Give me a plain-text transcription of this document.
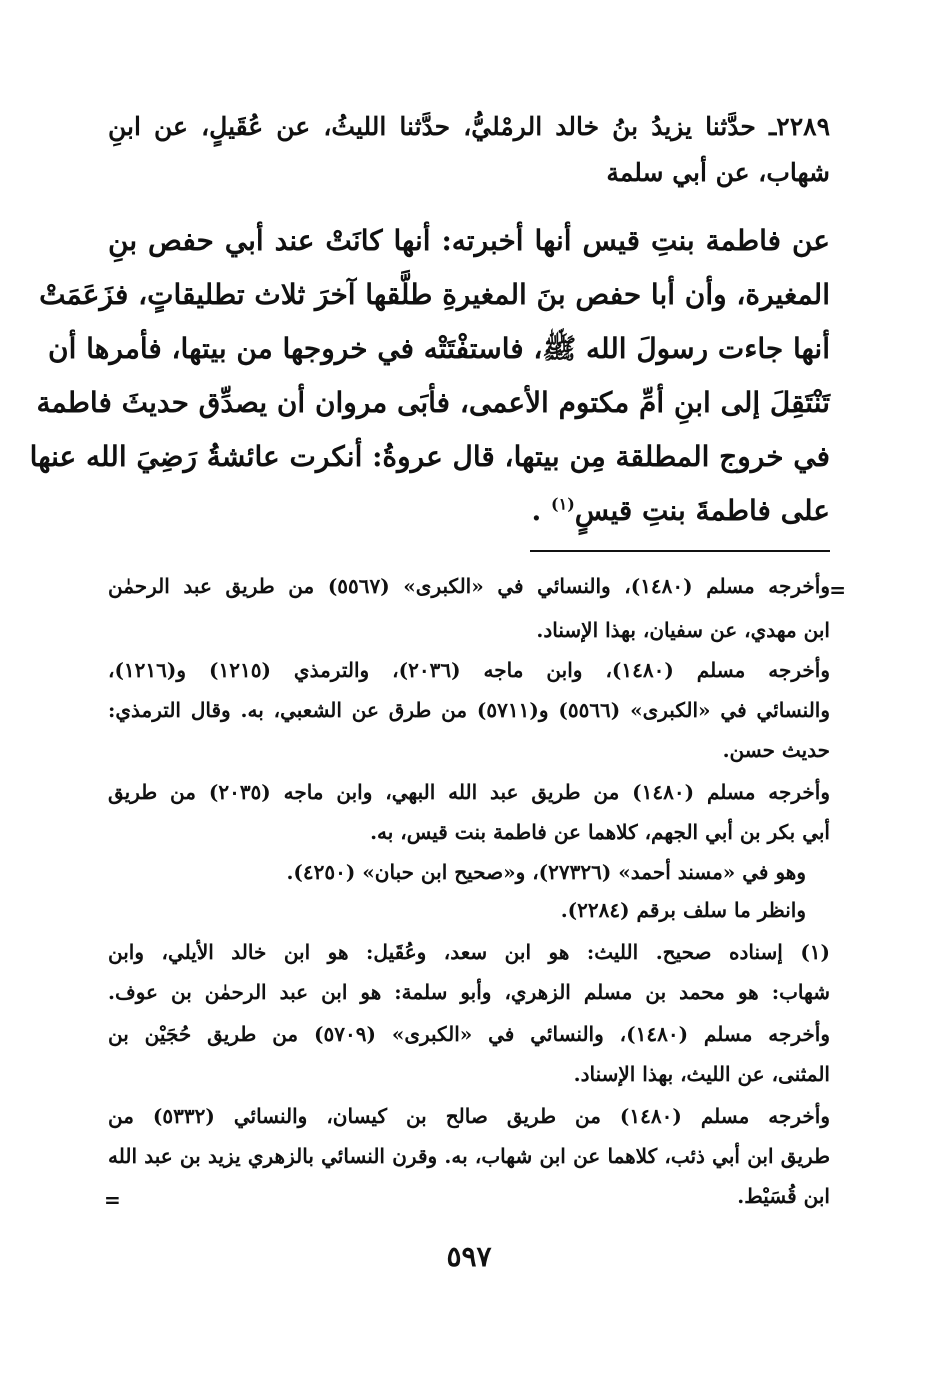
٢٢٨٩ـ حدَّثنا يزيدُ بنُ خالد الرمْليُّ، حدَّثنا الليثُ، عن عُقَيلٍ، عن ابنِ
شهاب، عن أبي سلمة
عن فاطمة بنتِ قيس أنها أخبرته: أنها كانَتْ عند أبي حفص بنِ
المغيرة، وأن أبا حفص بنَ المغيرةِ طلَّقها آخرَ ثلاث تطليقاتٍ، فزَعَمَتْ
أنها جاءت رسولَ الله ﷺ، فاستفْتَتْه في خروجها من بيتها، فأمرها أن
تَنْتَقِلَ إلى ابنِ أمِّ مكتوم الأعمى، فأبَى مروان أن يصدِّق حديثَ فاطمة
في خروج المطلقة مِن بيتها، قال عروةُ: أنكرت عائشةُ رَضِيَ الله عنها
على فاطمةَ بنتِ قيسٍ$^{(١)}$ .
=
وأخرجه مسلم (١٤٨٠)، والنسائي في «الكبرى» (٥٥٦٧) من طريق عبد الرحمٰن
ابن مهدي، عن سفيان، بهذا الإسناد.
وأخرجه مسلم (١٤٨٠)، وابن ماجه (٢٠٣٦)، والترمذي (١٢١٥) و(١٢١٦)،
والنسائي في «الكبرى» (٥٥٦٦) و(٥٧١١) من طرق عن الشعبي، به. وقال الترمذي:
حديث حسن.
وأخرجه مسلم (١٤٨٠) من طريق عبد الله البهي، وابن ماجه (٢٠٣٥) من طريق
أبي بكر بن أبي الجهم، كلاهما عن فاطمة بنت قيس، به.
وهو في «مسند أحمد» (٢٧٣٢٦)، و«صحيح ابن حبان» (٤٢٥٠).
وانظر ما سلف برقم (٢٢٨٤).
(١) إسناده صحيح. الليث: هو ابن سعد، وعُقَيل: هو ابن خالد الأيلي، وابن
شهاب: هو محمد بن مسلم الزهري، وأبو سلمة: هو ابن عبد الرحمٰن بن عوف.
وأخرجه مسلم (١٤٨٠)، والنسائي في «الكبرى» (٥٧٠٩) من طريق حُجَيْن بن
المثنى، عن الليث، بهذا الإسناد.
وأخرجه مسلم (١٤٨٠) من طريق صالح بن كيسان، والنسائي (٥٣٣٢) من
طريق ابن أبي ذئب، كلاهما عن ابن شهاب، به. وقرن النسائي بالزهري يزيد بن عبد الله
ابن قُسَيْط.
=
٥٩٧
